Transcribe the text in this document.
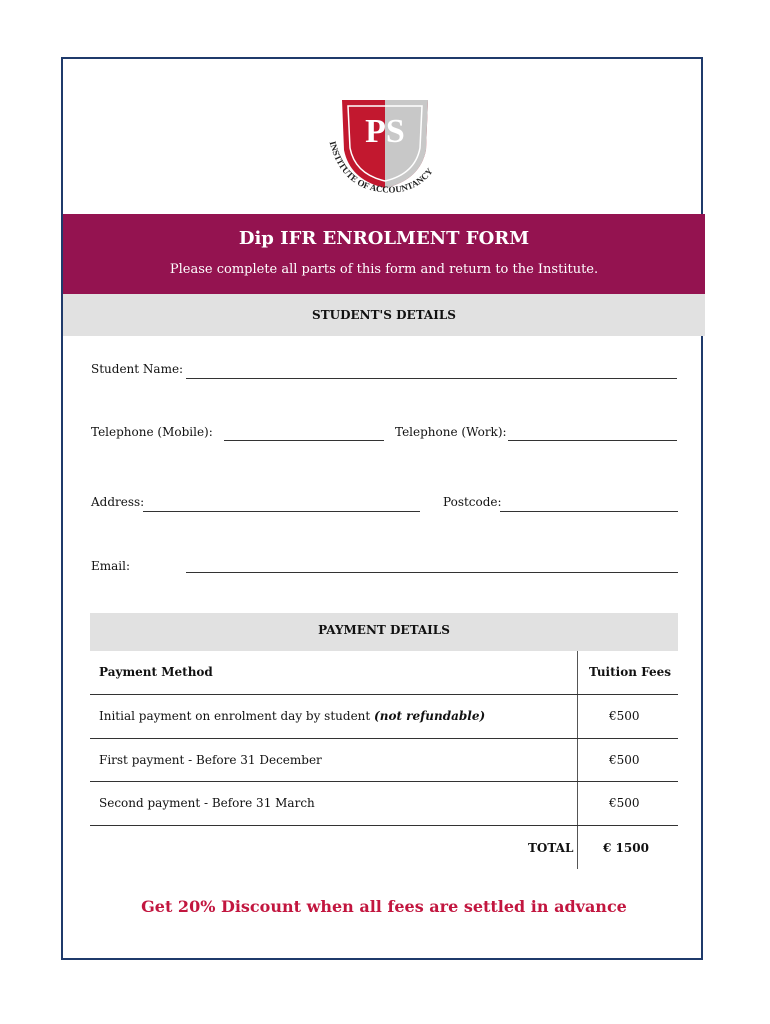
PS
INSTITUTE OF ACCOUNTANCY
Dip IFR ENROLMENT FORM
Please complete all parts of this form and return to the Institute.
STUDENT'S DETAILS
Student Name:
Telephone (Mobile):	Telephone (Work):
Address:	Postcode:
Email:
PAYMENT DETAILS
Payment Method	Tuition Fees
Initial payment on enrolment day by student (not refundable)	€500
First payment - Before 31 December	€500
Second payment - Before 31 March	€500
TOTAL € 1500
Get 20% Discount when all fees are settled in advance
